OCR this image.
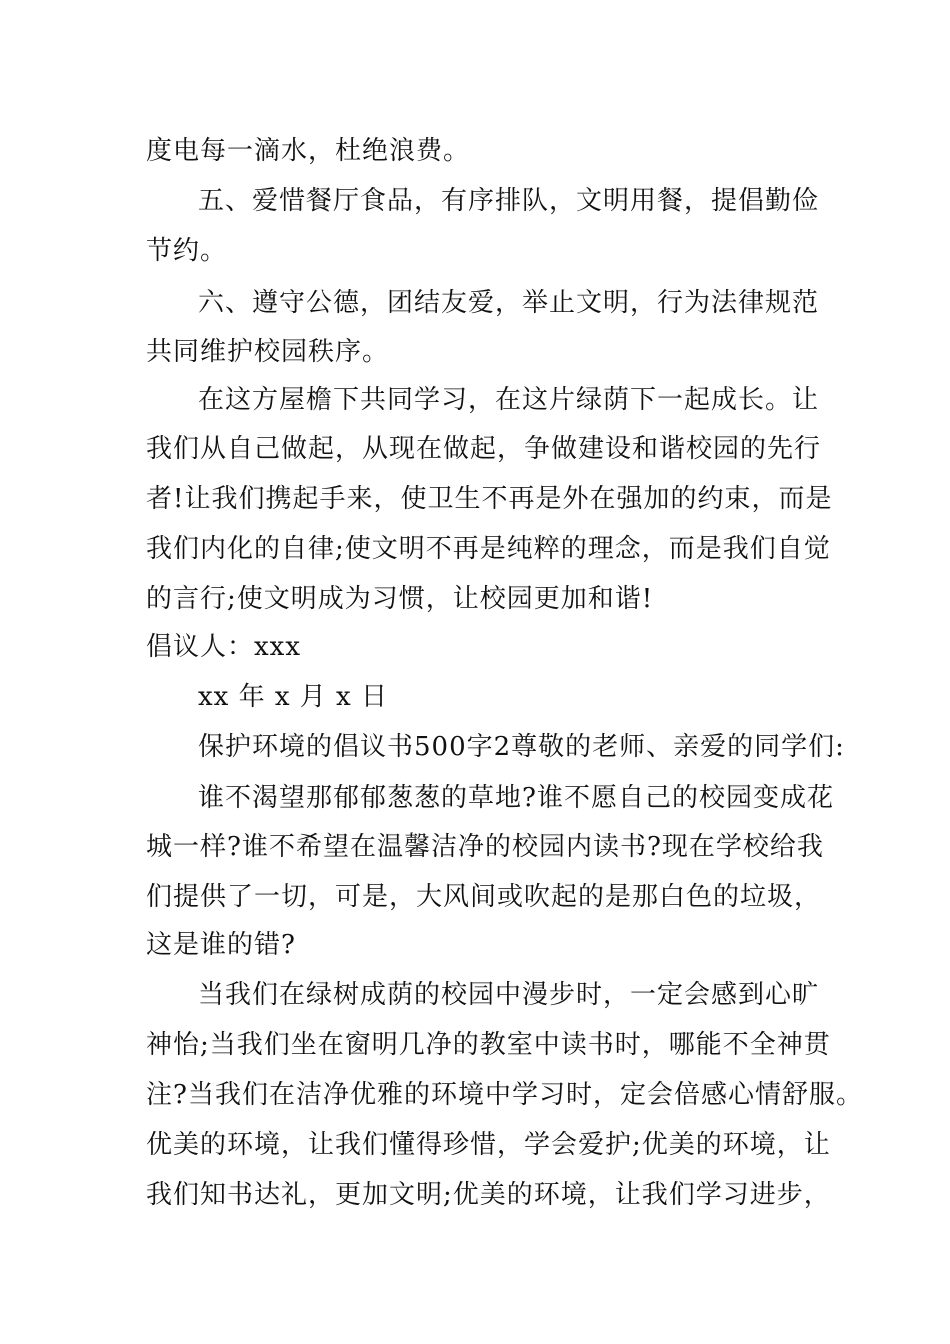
度电每一滴水，杜绝浪费。
五、爱惜餐厅食品，有序排队，文明用餐，提倡勤俭
节约。
六、遵守公德，团结友爱，举止文明，行为法律规范
共同维护校园秩序。
在这方屋檐下共同学习，在这片绿荫下一起成长。让
我们从自己做起，从现在做起，争做建设和谐校园的先行
者!让我们携起手来，使卫生不再是外在强加的约束，而是
我们内化的自律;使文明不再是纯粹的理念，而是我们自觉
的言行;使文明成为习惯，让校园更加和谐!
倡议人：xxx
xx 年 x 月 x 日
保护环境的倡议书500字2尊敬的老师、亲爱的同学们:
谁不渴望那郁郁葱葱的草地?谁不愿自己的校园变成花
城一样?谁不希望在温馨洁净的校园内读书?现在学校给我
们提供了一切，可是，大风间或吹起的是那白色的垃圾，
这是谁的错?
当我们在绿树成荫的校园中漫步时，一定会感到心旷
神怡;当我们坐在窗明几净的教室中读书时，哪能不全神贯
注?当我们在洁净优雅的环境中学习时，定会倍感心情舒服。
优美的环境，让我们懂得珍惜，学会爱护;优美的环境，让
我们知书达礼，更加文明;优美的环境，让我们学习进步，
